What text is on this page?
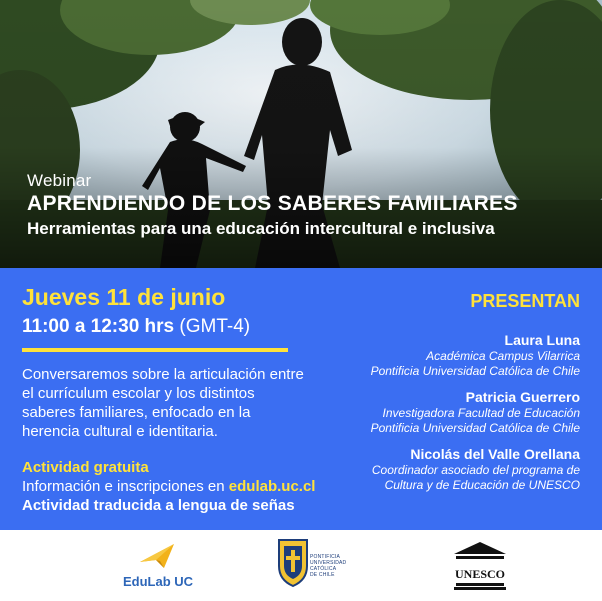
Webinar
APRENDIENDO DE LOS SABERES FAMILIARES
Herramientas para una educación intercultural e inclusiva
Jueves 11 de junio
11:00 a 12:30 hrs (GMT-4)
Conversaremos sobre la articulación entre el currículum escolar y los distintos saberes familiares, enfocado en la herencia cultural e identitaria.
Actividad gratuita
Información e inscripciones en edulab.uc.cl
Actividad traducida a lengua de señas
PRESENTAN
Laura Luna
Académica Campus Vilarrica
Pontificia Universidad Católica de Chile
Patricia Guerrero
Investigadora Facultad de Educación
Pontificia Universidad Católica de Chile
Nicolás del Valle Orellana
Coordinador asociado del programa de
Cultura y de Educación de UNESCO
EduLab UC
PONTIFICIA
UNIVERSIDAD
CATÓLICA
DE CHILE	UNESCO
